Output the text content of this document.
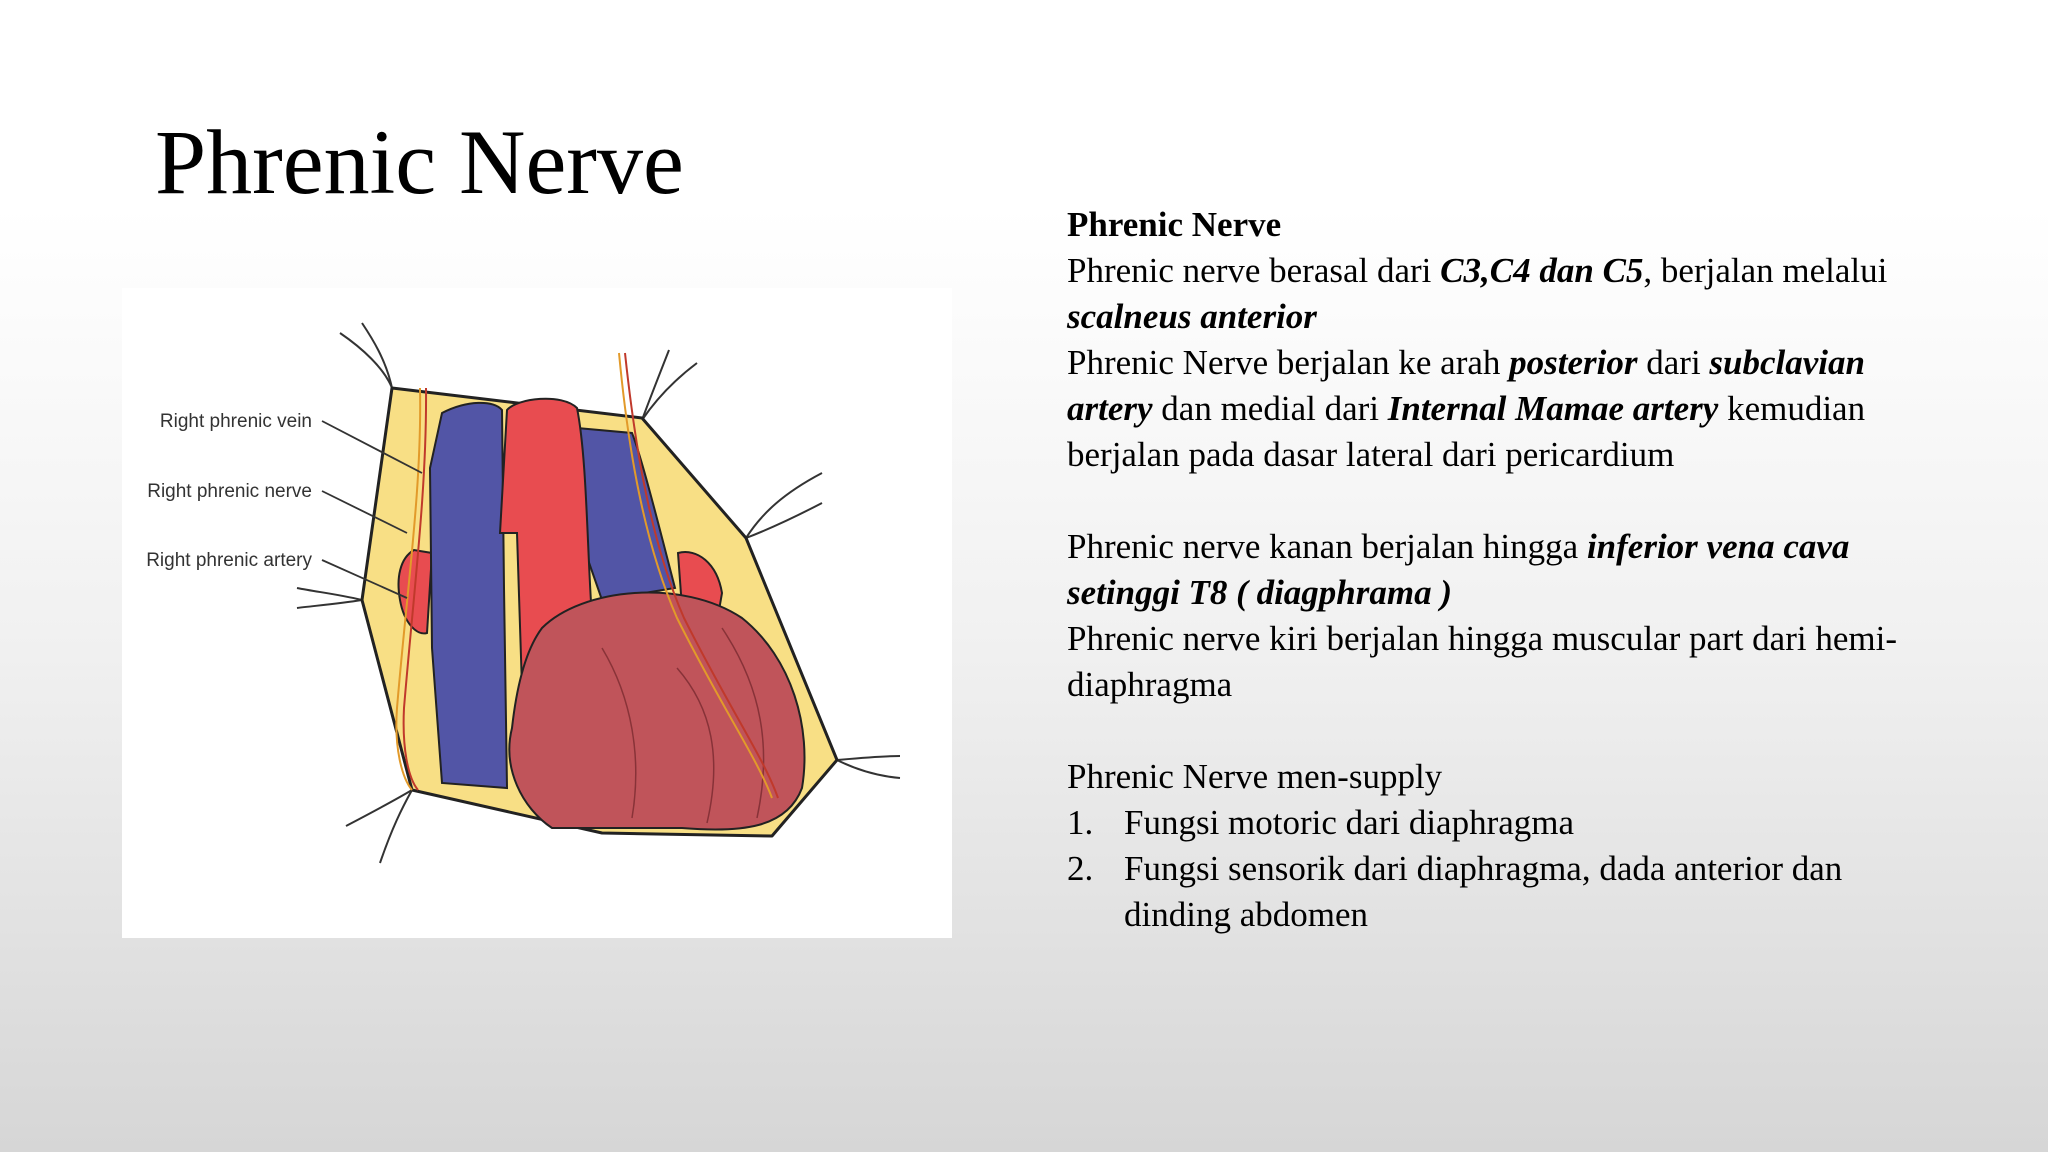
Phrenic Nerve
Right phrenic vein
Right phrenic nerve
Right phrenic artery

Phrenic Nerve

Phrenic nerve berasal dari C3,C4 dan C5, berjalan melalui scalneus anterior

Phrenic Nerve berjalan ke arah posterior dari subclavian artery dan medial dari Internal Mamae artery kemudian berjalan pada dasar lateral dari pericardium

Phrenic nerve kanan berjalan hingga inferior vena cava setinggi T8 ( diagphrama )

Phrenic nerve kiri berjalan hingga muscular part dari hemi-diaphragma

Phrenic Nerve men-supply

1. Fungsi motoric dari diaphragma
2. Fungsi sensorik dari diaphragma, dada anterior dan dinding abdomen
